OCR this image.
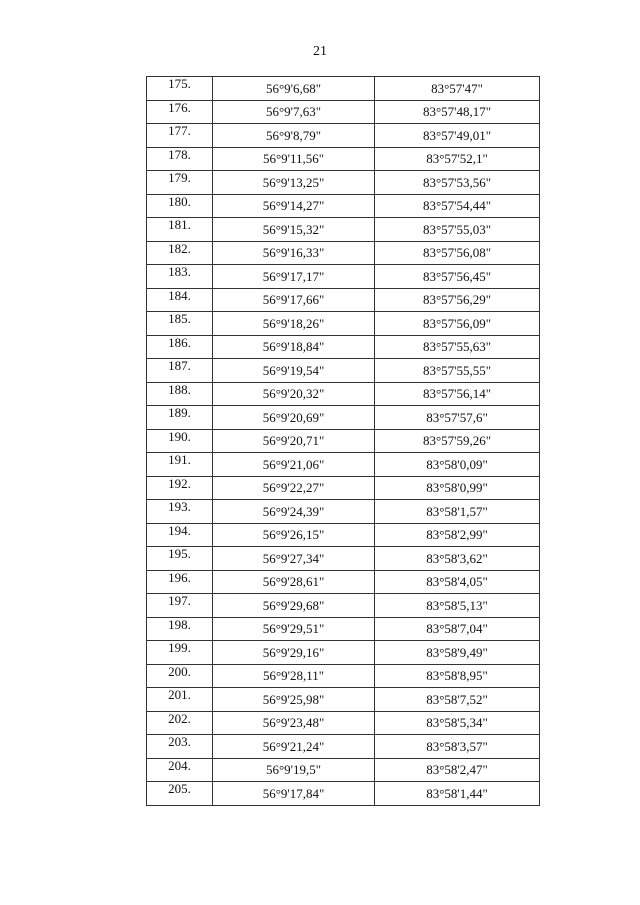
21
175.	56°9'6,68"	83°57'47"
176.	56°9'7,63"	83°57'48,17"
177.	56°9'8,79"	83°57'49,01"
178.	56°9'11,56"	83°57'52,1"
179.	56°9'13,25"	83°57'53,56"
180.	56°9'14,27"	83°57'54,44"
181.	56°9'15,32"	83°57'55,03"
182.	56°9'16,33"	83°57'56,08"
183.	56°9'17,17"	83°57'56,45"
184.	56°9'17,66"	83°57'56,29"
185.	56°9'18,26"	83°57'56,09"
186.	56°9'18,84"	83°57'55,63"
187.	56°9'19,54"	83°57'55,55"
188.	56°9'20,32"	83°57'56,14"
189.	56°9'20,69"	83°57'57,6"
190.	56°9'20,71"	83°57'59,26"
191.	56°9'21,06"	83°58'0,09"
192.	56°9'22,27"	83°58'0,99"
193.	56°9'24,39"	83°58'1,57"
194.	56°9'26,15"	83°58'2,99"
195.	56°9'27,34"	83°58'3,62"
196.	56°9'28,61"	83°58'4,05"
197.	56°9'29,68"	83°58'5,13"
198.	56°9'29,51"	83°58'7,04"
199.	56°9'29,16"	83°58'9,49"
200.	56°9'28,11"	83°58'8,95"
201.	56°9'25,98"	83°58'7,52"
202.	56°9'23,48"	83°58'5,34"
203.	56°9'21,24"	83°58'3,57"
204.	56°9'19,5"	83°58'2,47"
205.	56°9'17,84"	83°58'1,44"
